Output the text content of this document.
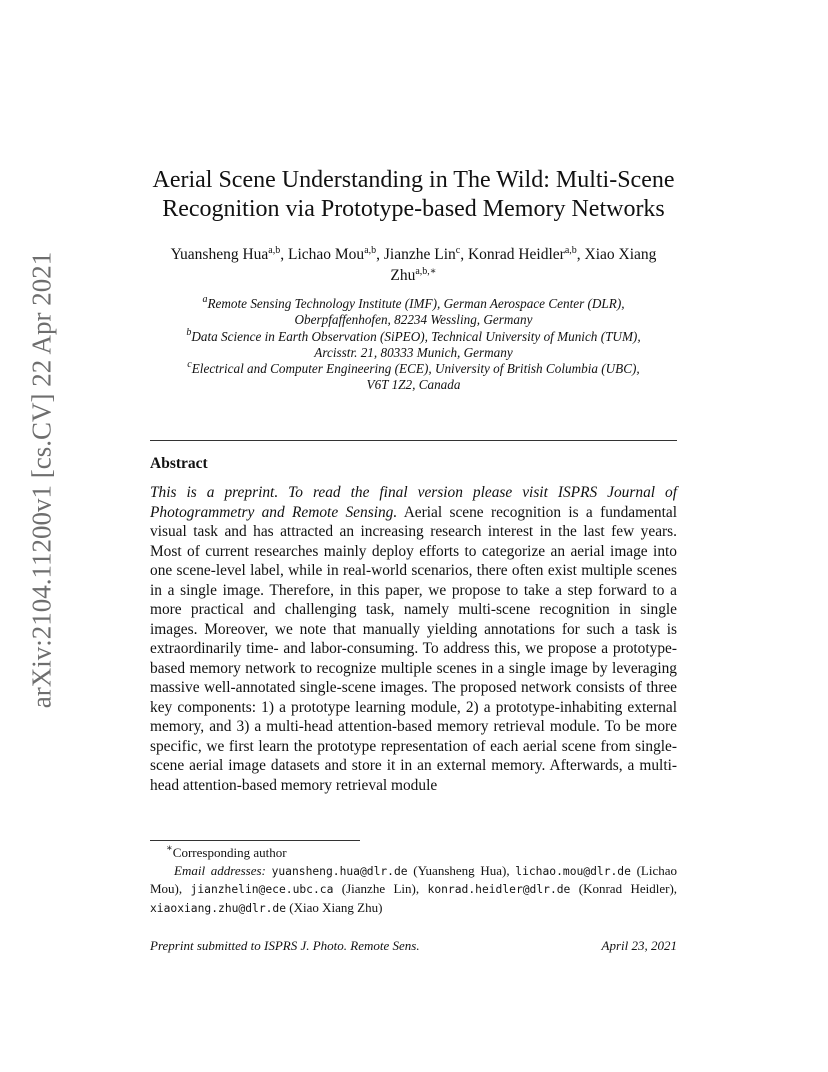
arXiv:2104.11200v1 [cs.CV] 22 Apr 2021
Aerial Scene Understanding in The Wild: Multi-Scene
Recognition via Prototype-based Memory Networks
Yuansheng Hua$^{a,b}$, Lichao Mou$^{a,b}$, Jianzhe Lin$^c$, Konrad Heidler$^{a,b}$, Xiao Xiang Zhu$^{a,b,∗}$
$^a$Remote Sensing Technology Institute (IMF), German Aerospace Center (DLR),
Oberpfaffenhofen, 82234 Wessling, Germany
$^b$Data Science in Earth Observation (SiPEO), Technical University of Munich (TUM),
Arcisstr. 21, 80333 Munich, Germany
$^c$Electrical and Computer Engineering (ECE), University of British Columbia (UBC),
V6T 1Z2, Canada
Abstract
This is a preprint. To read the final version please visit ISPRS Journal of Photogrammetry and Remote Sensing. Aerial scene recognition is a fundamental visual task and has attracted an increasing research interest in the last few years. Most of current researches mainly deploy efforts to categorize an aerial image into one scene-level label, while in real-world scenarios, there often exist multiple scenes in a single image. Therefore, in this paper, we propose to take a step forward to a more practical and challenging task, namely multi-scene recognition in single images. Moreover, we note that manually yielding annotations for such a task is extraordinarily time- and labor-consuming. To address this, we propose a prototype-based memory network to recognize multiple scenes in a single image by leveraging massive well-annotated single-scene images. The proposed network consists of three key components: 1) a prototype learning module, 2) a prototype-inhabiting external memory, and 3) a multi-head attention-based memory retrieval module. To be more specific, we first learn the prototype representation of each aerial scene from single-scene aerial image datasets and store it in an external memory. Afterwards, a multi-head attention-based memory retrieval module
∗Corresponding author
Email addresses: yuansheng.hua@dlr.de (Yuansheng Hua), lichao.mou@dlr.de (Lichao Mou), jianzhelin@ece.ubc.ca (Jianzhe Lin), konrad.heidler@dlr.de (Konrad Heidler), xiaoxiang.zhu@dlr.de (Xiao Xiang Zhu)
Preprint submitted to ISPRS J. Photo. Remote Sens.	April 23, 2021
